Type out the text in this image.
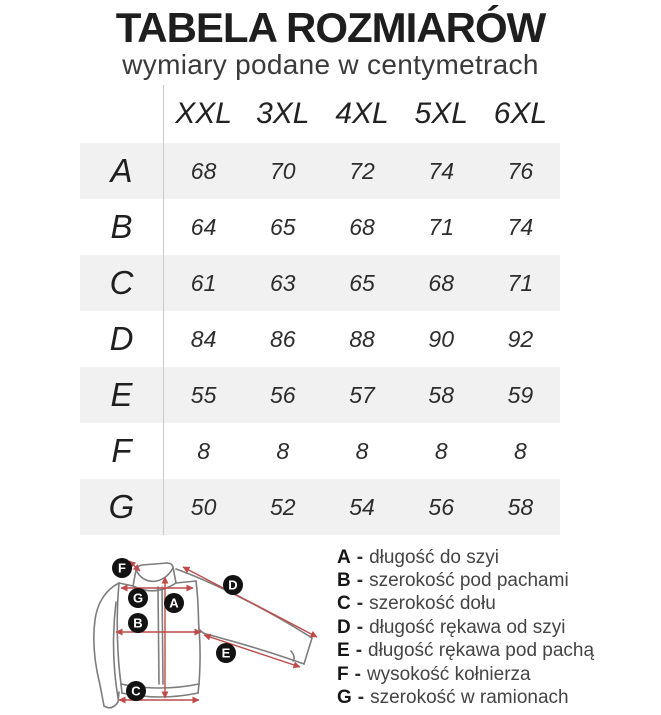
TABELA ROZMIARÓW
wymiary podane w centymetrach
XXL 3XL 4XL 5XL 6XL
A	68	70	72	74	76
B	64	65	68	71	74
C	61	63	65	68	71
D	84	86	88	90	92
E	55	56	57	58	59
F	8	8	8	8	8
G	50	52	54	56	58
F
G A
B
C
D
E
A - długość do szyi
B - szerokość pod pachami
C - szerokość dołu
D - długość rękawa od szyi
E - długość rękawa pod pachą
F - wysokość kołnierza
G - szerokość w ramionach
